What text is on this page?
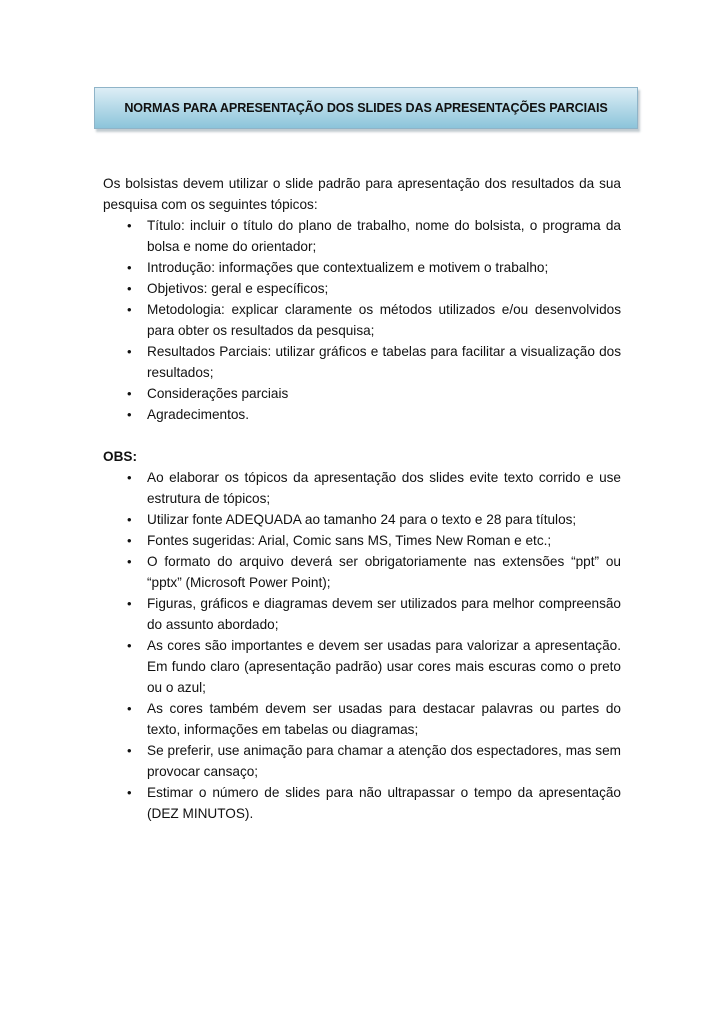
NORMAS PARA APRESENTAÇÃO DOS SLIDES DAS APRESENTAÇÕES PARCIAIS

Os bolsistas devem utilizar o slide padrão para apresentação dos resultados da sua pesquisa com os seguintes tópicos:

• Título: incluir o título do plano de trabalho, nome do bolsista, o programa da bolsa e nome do orientador;
• Introdução: informações que contextualizem e motivem o trabalho;
• Objetivos: geral e específicos;
• Metodologia: explicar claramente os métodos utilizados e/ou desenvolvidos para obter os resultados da pesquisa;
• Resultados Parciais: utilizar gráficos e tabelas para facilitar a visualização dos resultados;
• Considerações parciais
• Agradecimentos.

OBS:

• Ao elaborar os tópicos da apresentação dos slides evite texto corrido e use estrutura de tópicos;
• Utilizar fonte ADEQUADA ao tamanho 24 para o texto e 28 para títulos;
• Fontes sugeridas: Arial, Comic sans MS, Times New Roman e etc.;
• O formato do arquivo deverá ser obrigatoriamente nas extensões “ppt” ou “pptx” (Microsoft Power Point);
• Figuras, gráficos e diagramas devem ser utilizados para melhor compreensão do assunto abordado;
• As cores são importantes e devem ser usadas para valorizar a apresentação. Em fundo claro (apresentação padrão) usar cores mais escuras como o preto ou o azul;
• As cores também devem ser usadas para destacar palavras ou partes do texto, informações em tabelas ou diagramas;
• Se preferir, use animação para chamar a atenção dos espectadores, mas sem provocar cansaço;
• Estimar o número de slides para não ultrapassar o tempo da apresentação (DEZ MINUTOS).
